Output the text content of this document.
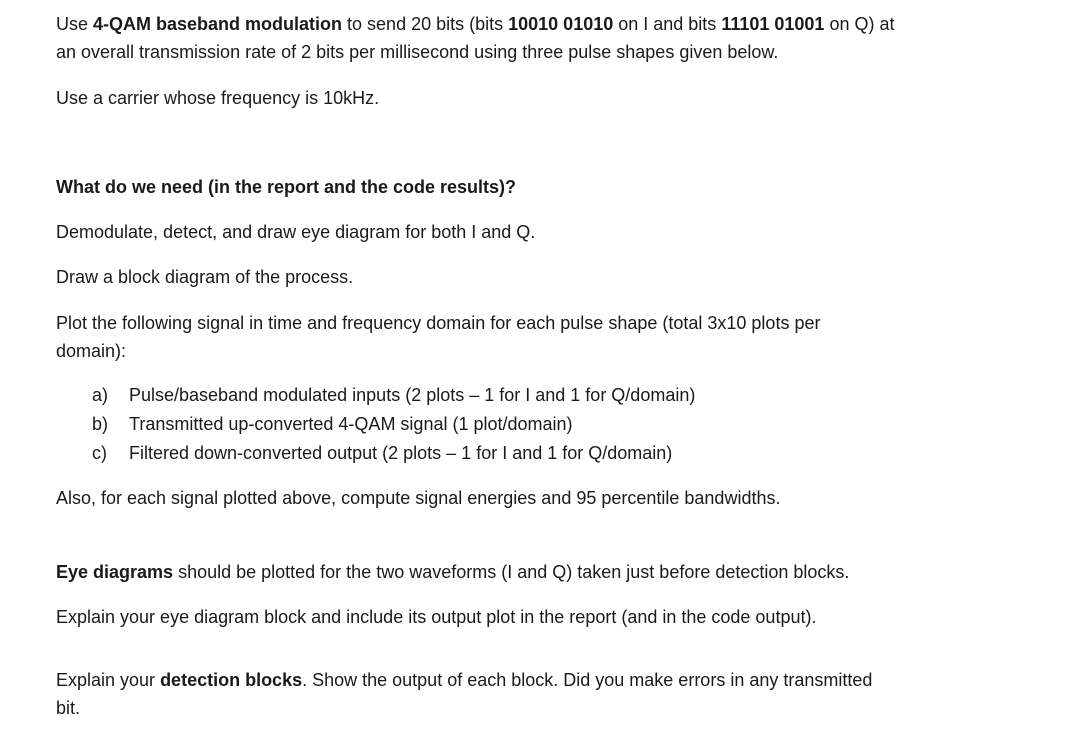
Use 4-QAM baseband modulation to send 20 bits (bits 10010 01010 on I and bits 11101 01001 on Q) at
an overall transmission rate of 2 bits per millisecond using three pulse shapes given below.

Use a carrier whose frequency is 10kHz.

What do we need (in the report and the code results)?

Demodulate, detect, and draw eye diagram for both I and Q.

Draw a block diagram of the process.

Plot the following signal in time and frequency domain for each pulse shape (total 3x10 plots per
domain):

a) Pulse/baseband modulated inputs (2 plots – 1 for I and 1 for Q/domain)
b) Transmitted up-converted 4-QAM signal (1 plot/domain)
c) Filtered down-converted output (2 plots – 1 for I and 1 for Q/domain)

Also, for each signal plotted above, compute signal energies and 95 percentile bandwidths.

Eye diagrams should be plotted for the two waveforms (I and Q) taken just before detection blocks.

Explain your eye diagram block and include its output plot in the report (and in the code output).

Explain your detection blocks. Show the output of each block. Did you make errors in any transmitted
bit.
